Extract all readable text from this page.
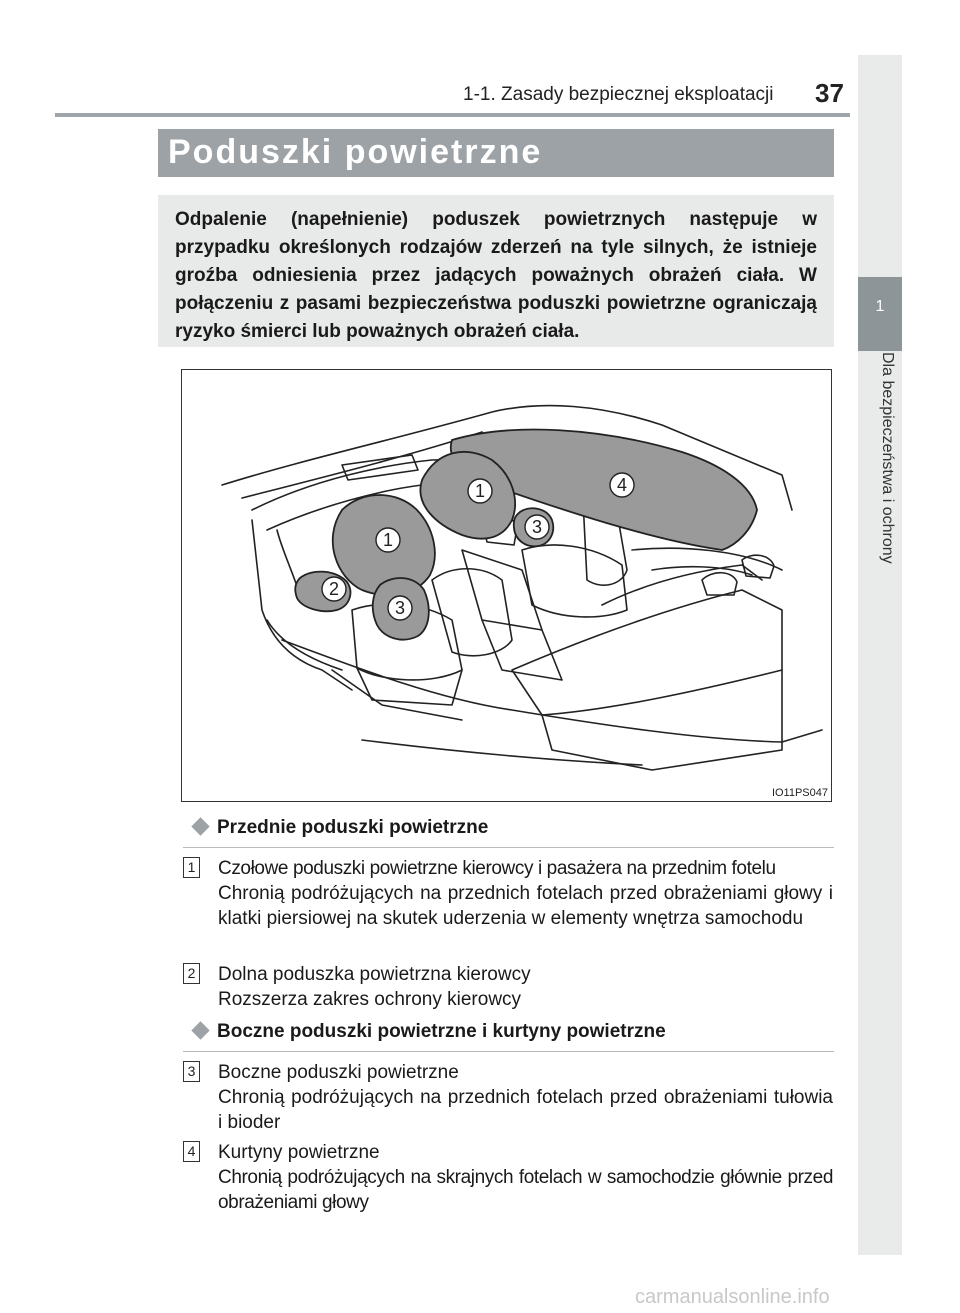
1-1. Zasady bezpiecznej eksploatacji 37
1
Dla bezpieczeństwa i ochrony
Poduszki powietrzne
Odpalenie (napełnienie) poduszek powietrznych następuje w przypadku określonych rodzajów zderzeń na tyle silnych, że istnieje groźba odniesienia przez jadących poważnych obrażeń ciała. W połączeniu z pasami bezpieczeństwa poduszki powietrzne ograniczają ryzyko śmierci lub poważnych obrażeń ciała.
1
1
2
3
3
4
IO11PS047
Przednie poduszki powietrzne
1 Czołowe poduszki powietrzne kierowcy i pasażera na przednim fotelu
Chronią podróżujących na przednich fotelach przed obrażeniami głowy i klatki piersiowej na skutek uderzenia w elementy wnętrza samochodu
2 Dolna poduszka powietrzna kierowcy
Rozszerza zakres ochrony kierowcy
Boczne poduszki powietrzne i kurtyny powietrzne
3 Boczne poduszki powietrzne
Chronią podróżujących na przednich fotelach przed obrażeniami tułowia i bioder
4 Kurtyny powietrzne
Chronią podróżujących na skrajnych fotelach w samochodzie głównie przed obrażeniami głowy
carmanualsonline.info
